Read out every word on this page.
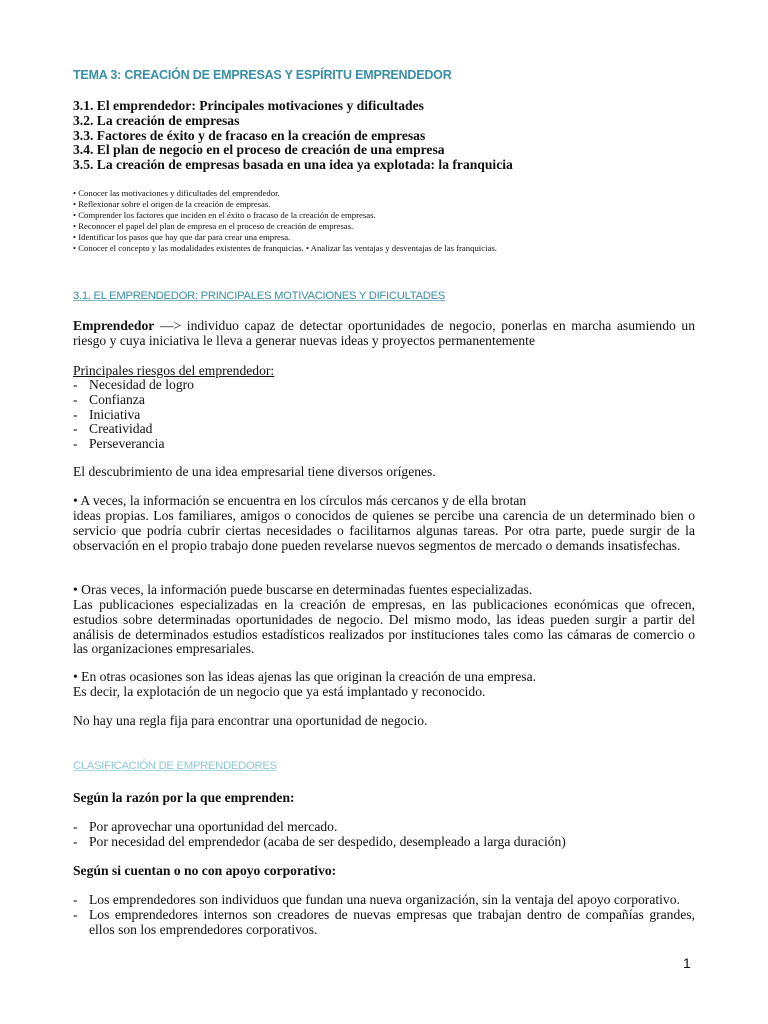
TEMA 3: CREACIÓN DE EMPRESAS Y ESPÍRITU EMPRENDEDOR
3.1. El emprendedor: Principales motivaciones y dificultades
3.2. La creación de empresas
3.3. Factores de éxito y de fracaso en la creación de empresas
3.4. El plan de negocio en el proceso de creación de una empresa
3.5. La creación de empresas basada en una idea ya explotada: la franquicia
• Conocer las motivaciones y dificultades del emprendedor.
• Reflexionar sobre el origen de la creación de empresas.
• Comprender los factores que inciden en el éxito o fracaso de la creación de empresas.
• Reconocer el papel del plan de empresa en el proceso de creación de empresas.
• Identificar los pasos que hay que dar para crear una empresa.
• Conocer el concepto y las modalidades existentes de franquicias. • Analizar las ventajas y desventajas de las franquicias.
3.1. EL EMPRENDEDOR: PRINCIPALES MOTIVACIONES Y DIFICULTADES

Emprendedor —> individuo capaz de detectar oportunidades de negocio, ponerlas en marcha asumiendo un riesgo y cuya iniciativa le lleva a generar nuevas ideas y proyectos permanentemente

Principales riesgos del emprendedor:

- Necesidad de logro
- Confianza
- Iniciativa
- Creatividad
- Perseverancia

El descubrimiento de una idea empresarial tiene diversos orígenes.

• A veces, la información se encuentra en los círculos más cercanos y de ella brotan

ideas propias. Los familiares, amigos o conocidos de quienes se percibe una carencia de un determinado bien o servicio que podría cubrir ciertas necesidades o facilitarnos algunas tareas. Por otra parte, puede surgir de la observación en el propio trabajo done pueden revelarse nuevos segmentos de mercado o demands insatisfechas.

• Oras veces, la información puede buscarse en determinadas fuentes especializadas.

Las publicaciones especializadas en la creación de empresas, en las publicaciones económicas que ofrecen, estudios sobre determinadas oportunidades de negocio. Del mismo modo, las ideas pueden surgir a partir del análisis de determinados estudios estadísticos realizados por instituciones tales como las cámaras de comercio o las organizaciones empresariales.

• En otras ocasiones son las ideas ajenas las que originan la creación de una empresa.

Es decir, la explotación de un negocio que ya está implantado y reconocido.

No hay una regla fija para encontrar una oportunidad de negocio.

CLASIFICACIÓN DE EMPRENDEDORES

Según la razón por la que emprenden:

- Por aprovechar una oportunidad del mercado.
- Por necesidad del emprendedor (acaba de ser despedido, desempleado a larga duración)

Según si cuentan o no con apoyo corporativo:

- Los emprendedores son individuos que fundan una nueva organización, sin la ventaja del apoyo corporativo.
- Los emprendedores internos son creadores de nuevas empresas que trabajan dentro de compañías grandes, ellos son los emprendedores corporativos.
1
